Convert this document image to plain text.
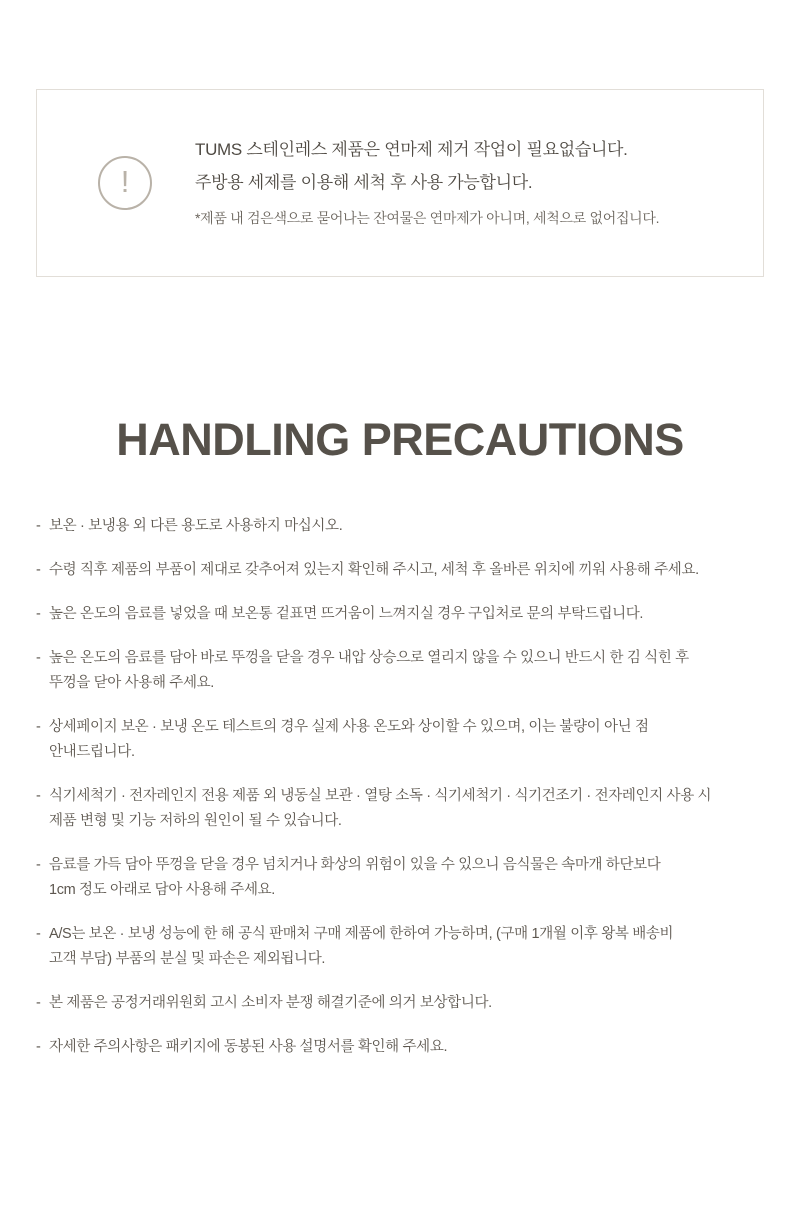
!
TUMS 스테인레스 제품은 연마제 제거 작업이 필요없습니다.
주방용 세제를 이용해 세척 후 사용 가능합니다.
*제품 내 검은색으로 묻어나는 잔여물은 연마제가 아니며, 세척으로 없어집니다.
HANDLING PRECAUTIONS
- 보온 · 보냉용 외 다른 용도로 사용하지 마십시오.
- 수령 직후 제품의 부품이 제대로 갖추어져 있는지 확인해 주시고, 세척 후 올바른 위치에 끼워 사용해 주세요.
- 높은 온도의 음료를 넣었을 때 보온통 겉표면 뜨거움이 느껴지실 경우 구입처로 문의 부탁드립니다.
- 높은 온도의 음료를 담아 바로 뚜껑을 닫을 경우 내압 상승으로 열리지 않을 수 있으니 반드시 한 김 식힌 후
뚜껑을 닫아 사용해 주세요.
- 상세페이지 보온 · 보냉 온도 테스트의 경우 실제 사용 온도와 상이할 수 있으며, 이는 불량이 아닌 점
안내드립니다.
- 식기세척기 · 전자레인지 전용 제품 외 냉동실 보관 · 열탕 소독 · 식기세척기 · 식기건조기 · 전자레인지 사용 시
제품 변형 및 기능 저하의 원인이 될 수 있습니다.
- 음료를 가득 담아 뚜껑을 닫을 경우 넘치거나 화상의 위험이 있을 수 있으니 음식물은 속마개 하단보다
1cm 정도 아래로 담아 사용해 주세요.
- A/S는 보온 · 보냉 성능에 한 해 공식 판매처 구매 제품에 한하여 가능하며, (구매 1개월 이후 왕복 배송비
고객 부담) 부품의 분실 및 파손은 제외됩니다.
- 본 제품은 공정거래위원회 고시 소비자 분쟁 해결기준에 의거 보상합니다.
- 자세한 주의사항은 패키지에 동봉된 사용 설명서를 확인해 주세요.
